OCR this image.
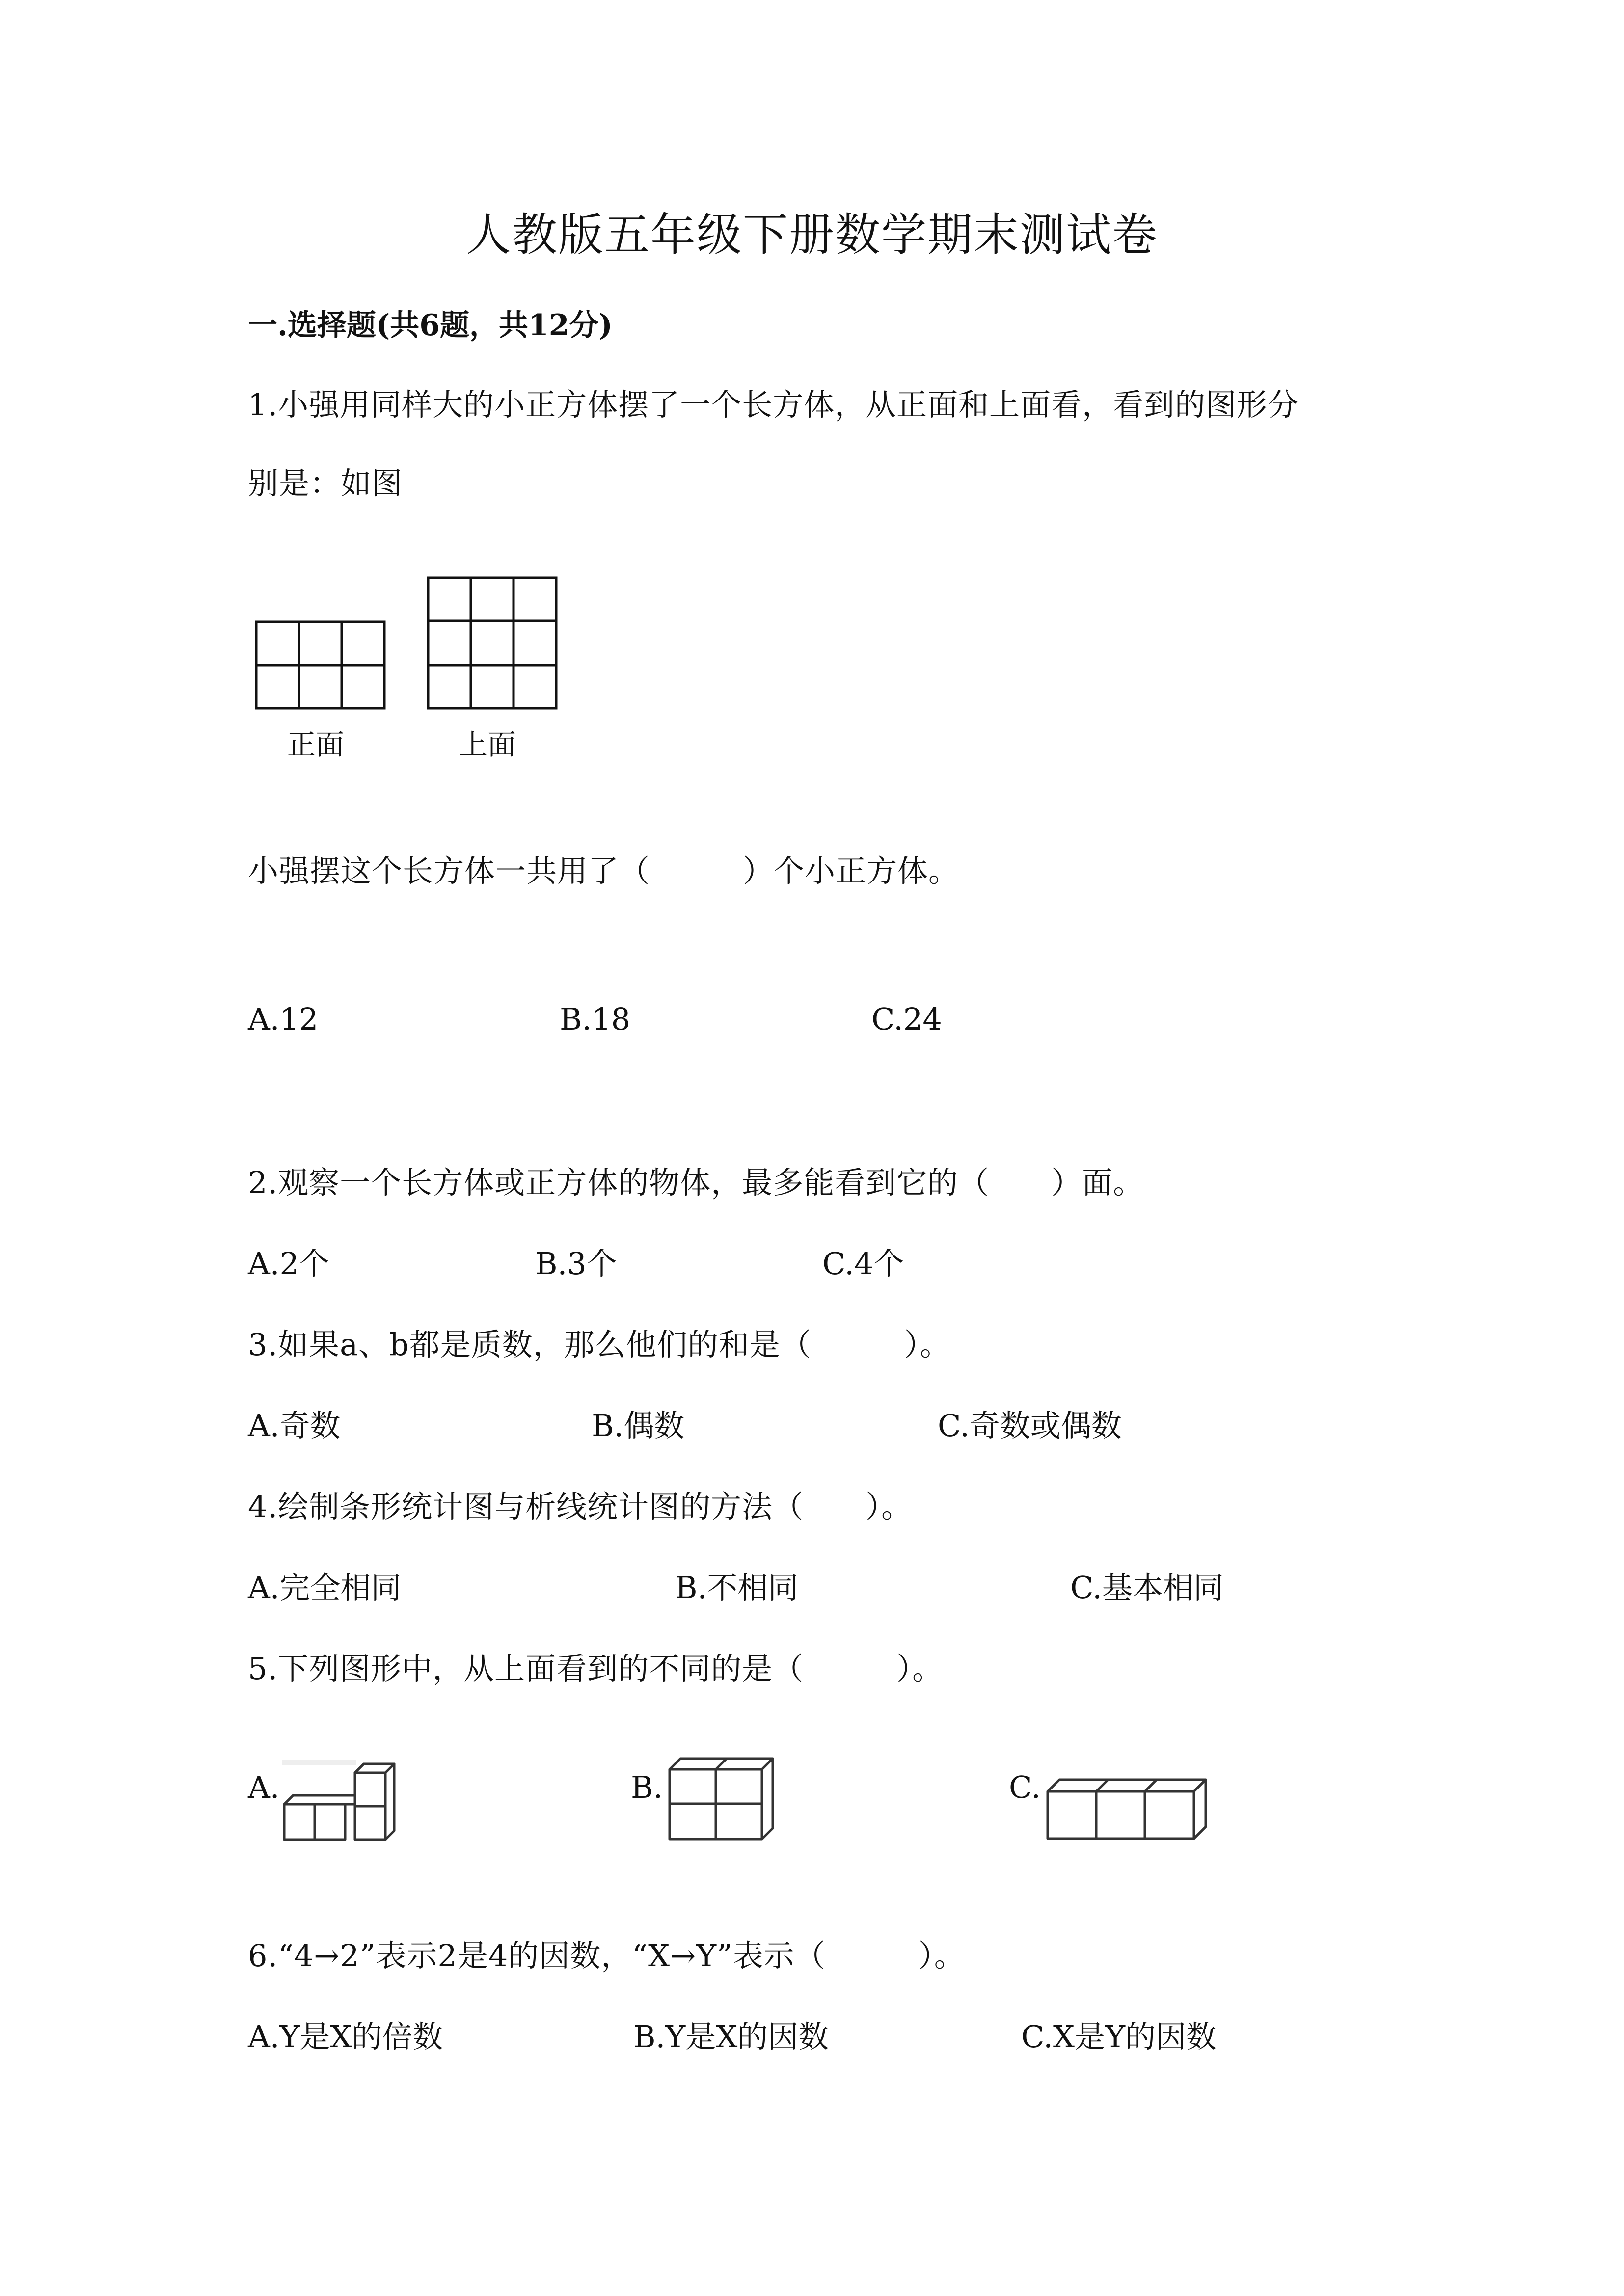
人教版五年级下册数学期末测试卷
一.选择题(共6题，共12分)
1.小强用同样大的小正方体摆了一个长方体，从正面和上面看，看到的图形分
别是：如图
正面	上面
小强摆这个长方体一共用了（　　　）个小正方体。
A.12	B.18	C.24
2.观察一个长方体或正方体的物体，最多能看到它的（　　）面。
A.2个	B.3个	C.4个
3.如果a、b都是质数，那么他们的和是（　　　）。
A.奇数	B.偶数	C.奇数或偶数
4.绘制条形统计图与析线统计图的方法（　　）。
A.完全相同	B.不相同	C.基本相同
5.下列图形中，从上面看到的不同的是（　　　）。
A.	B.	C.
6.“4→2”表示2是4的因数，“X→Y”表示（　　　）。
A.Y是X的倍数	B.Y是X的因数	C.X是Y的因数
